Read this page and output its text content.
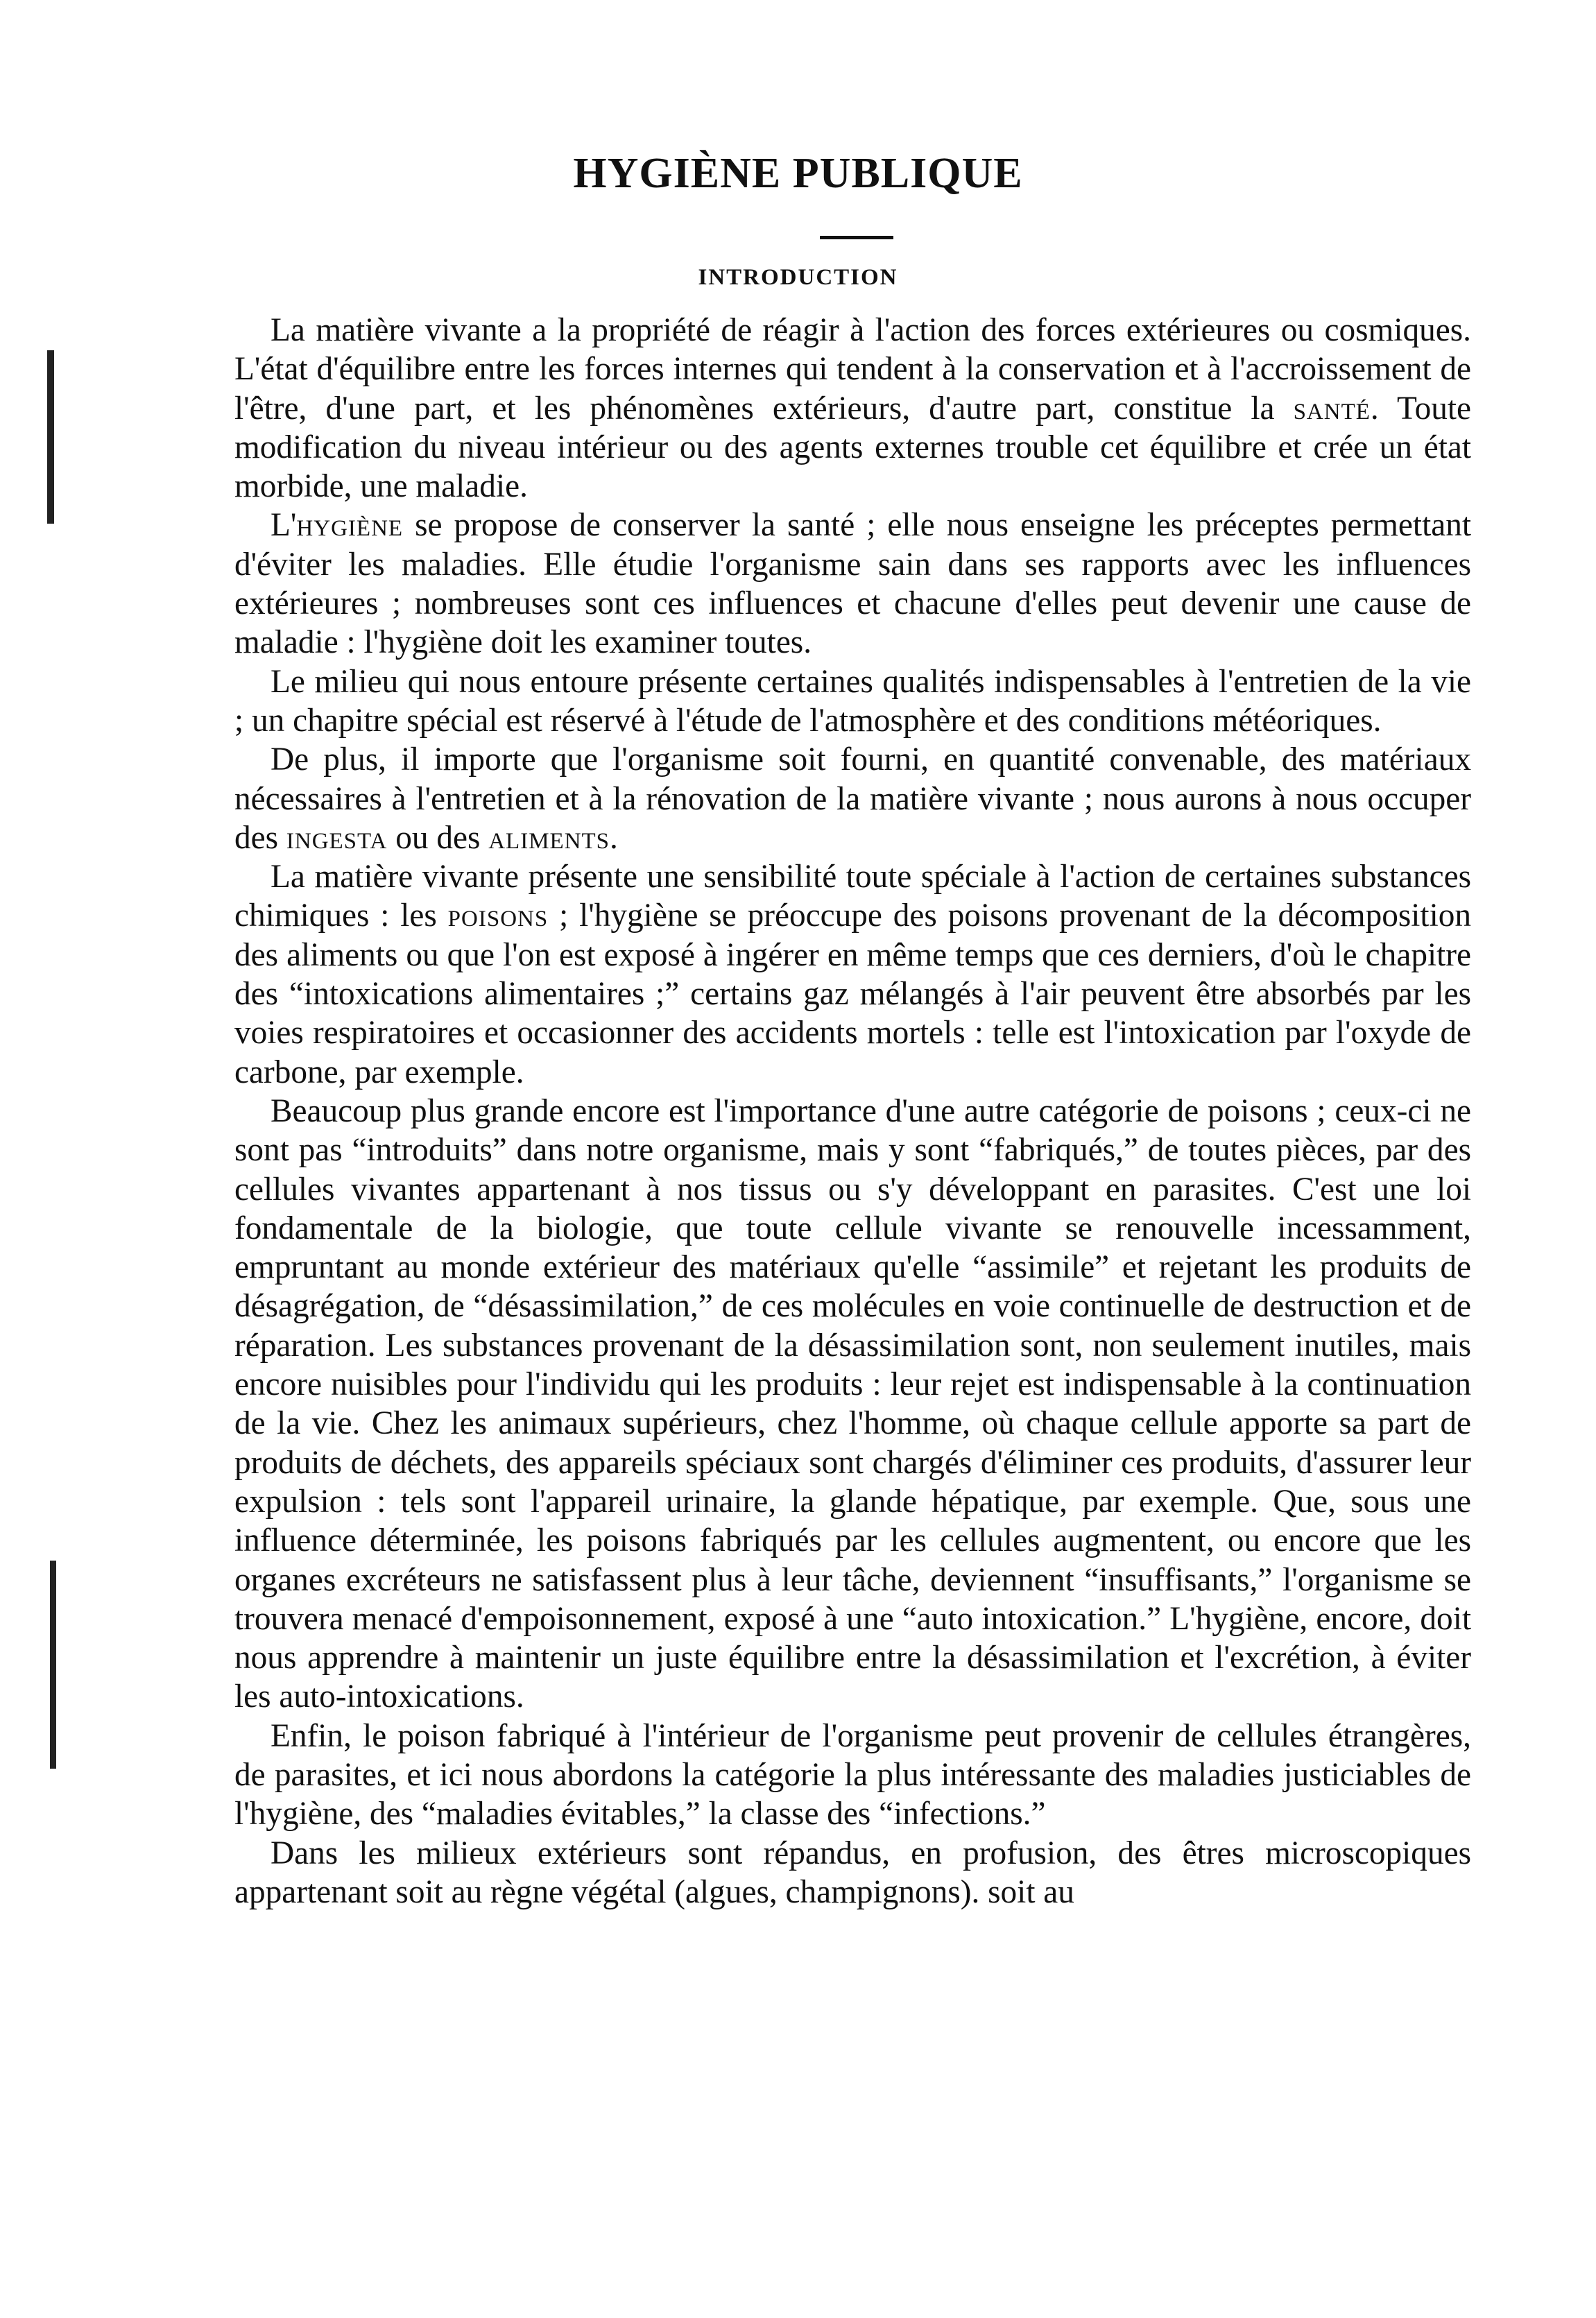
HYGIÈNE PUBLIQUE
INTRODUCTION

La matière vivante a la propriété de réagir à l'action des forces extérieures ou cosmiques. L'état d'équilibre entre les forces internes qui tendent à la conservation et à l'accroissement de l'être, d'une part, et les phénomènes extérieurs, d'autre part, constitue la santé. Toute modification du niveau intérieur ou des agents externes trouble cet équilibre et crée un état morbide, une maladie.

L'hygiène se propose de conserver la santé ; elle nous enseigne les préceptes permettant d'éviter les maladies. Elle étudie l'organisme sain dans ses rapports avec les influences extérieures ; nombreuses sont ces influences et chacune d'elles peut devenir une cause de maladie : l'hygiène doit les examiner toutes.

Le milieu qui nous entoure présente certaines qualités indispensables à l'entretien de la vie ; un chapitre spécial est réservé à l'étude de l'atmosphère et des conditions météoriques.

De plus, il importe que l'organisme soit fourni, en quantité convenable, des matériaux nécessaires à l'entretien et à la rénovation de la matière vivante ; nous aurons à nous occuper des ingesta ou des aliments.

La matière vivante présente une sensibilité toute spéciale à l'action de certaines substances chimiques : les poisons ; l'hygiène se préoccupe des poisons provenant de la décomposition des aliments ou que l'on est exposé à ingérer en même temps que ces derniers, d'où le chapitre des “intoxications alimentaires ;” certains gaz mélangés à l'air peuvent être absorbés par les voies respiratoires et occasionner des accidents mortels : telle est l'intoxication par l'oxyde de carbone, par exemple.

Beaucoup plus grande encore est l'importance d'une autre catégorie de poisons ; ceux-ci ne sont pas “introduits” dans notre organisme, mais y sont “fabriqués,” de toutes pièces, par des cellules vivantes appartenant à nos tissus ou s'y développant en parasites. C'est une loi fondamentale de la biologie, que toute cellule vivante se renouvelle incessamment, empruntant au monde extérieur des matériaux qu'elle “assimile” et rejetant les produits de désagrégation, de “désassimilation,” de ces molécules en voie continuelle de destruction et de réparation. Les substances provenant de la désassimilation sont, non seulement inutiles, mais encore nuisibles pour l'individu qui les produits : leur rejet est indispensable à la continuation de la vie. Chez les animaux supérieurs, chez l'homme, où chaque cellule apporte sa part de produits de déchets, des appareils spéciaux sont chargés d'éliminer ces produits, d'assurer leur expulsion : tels sont l'appareil urinaire, la glande hépatique, par exemple. Que, sous une influence déterminée, les poisons fabriqués par les cellules augmentent, ou encore que les organes excréteurs ne satisfassent plus à leur tâche, deviennent “insuffisants,” l'organisme se trouvera menacé d'empoisonnement, exposé à une “auto intoxication.” L'hygiène, encore, doit nous apprendre à maintenir un juste équilibre entre la désassimilation et l'excrétion, à éviter les auto-intoxications.

Enfin, le poison fabriqué à l'intérieur de l'organisme peut provenir de cellules étrangères, de parasites, et ici nous abordons la catégorie la plus intéressante des maladies justiciables de l'hygiène, des “maladies évitables,” la classe des “infections.”

Dans les milieux extérieurs sont répandus, en profusion, des êtres microscopiques appartenant soit au règne végétal (algues, champignons). soit au
